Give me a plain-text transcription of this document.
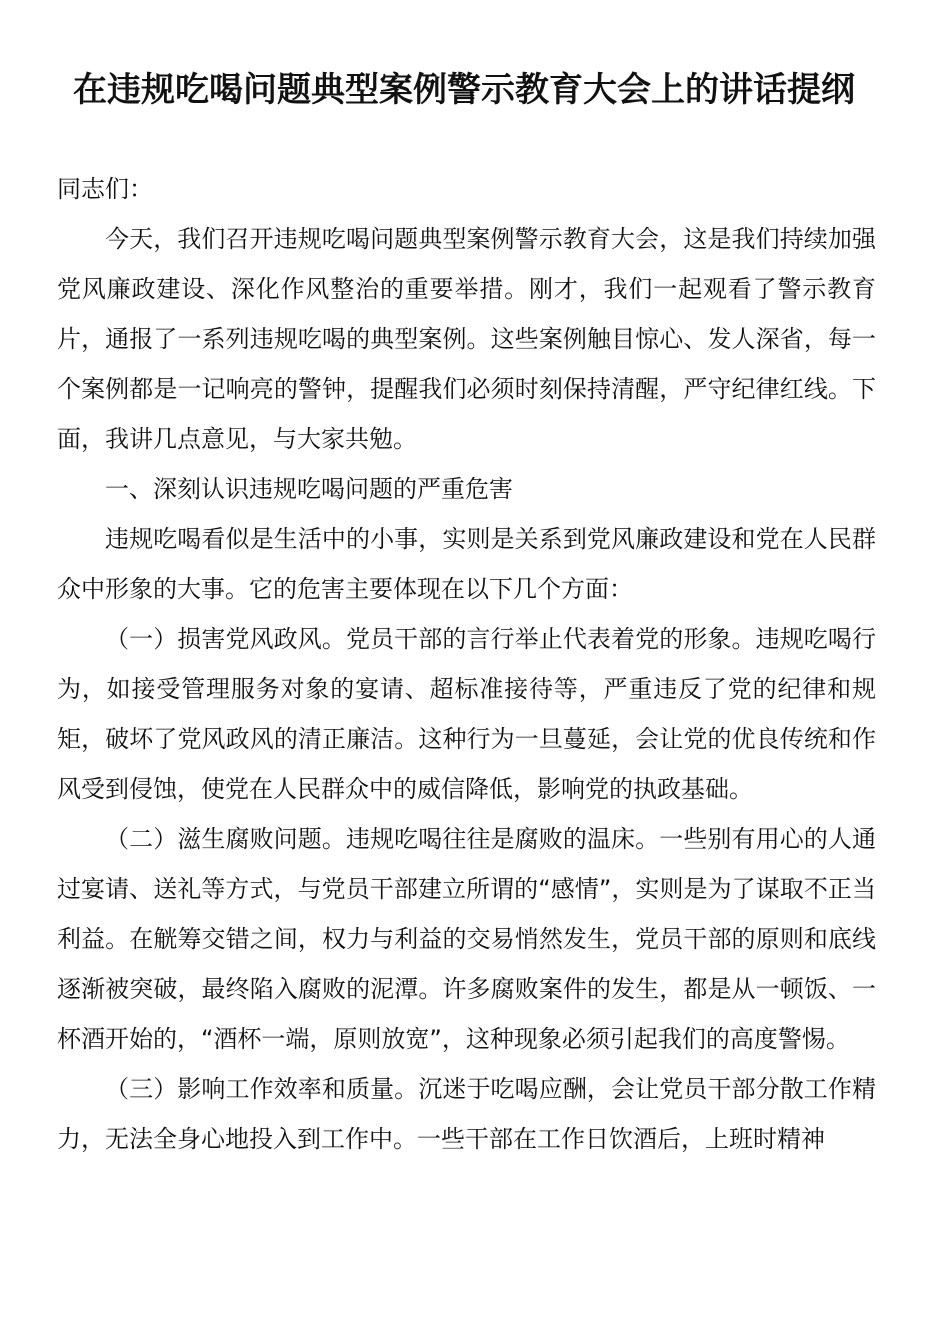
在违规吃喝问题典型案例警示教育大会上的讲话提纲

同志们：

今天，我们召开违规吃喝问题典型案例警示教育大会，这是我们持续加强党风廉政建设、深化作风整治的重要举措。刚才，我们一起观看了警示教育片，通报了一系列违规吃喝的典型案例。这些案例触目惊心、发人深省，每一个案例都是一记响亮的警钟，提醒我们必须时刻保持清醒，严守纪律红线。下面，我讲几点意见，与大家共勉。

一、深刻认识违规吃喝问题的严重危害

违规吃喝看似是生活中的小事，实则是关系到党风廉政建设和党在人民群众中形象的大事。它的危害主要体现在以下几个方面：

（一）损害党风政风。党员干部的言行举止代表着党的形象。违规吃喝行为，如接受管理服务对象的宴请、超标准接待等，严重违反了党的纪律和规矩，破坏了党风政风的清正廉洁。这种行为一旦蔓延，会让党的优良传统和作风受到侵蚀，使党在人民群众中的威信降低，影响党的执政基础。

（二）滋生腐败问题。违规吃喝往往是腐败的温床。一些别有用心的人通过宴请、送礼等方式，与党员干部建立所谓的“感情”，实则是为了谋取不正当利益。在觥筹交错之间，权力与利益的交易悄然发生，党员干部的原则和底线逐渐被突破，最终陷入腐败的泥潭。许多腐败案件的发生，都是从一顿饭、一杯酒开始的，“酒杯一端，原则放宽”，这种现象必须引起我们的高度警惕。

（三）影响工作效率和质量。沉迷于吃喝应酬，会让党员干部分散工作精力，无法全身心地投入到工作中。一些干部在工作日饮酒后，上班时精神
